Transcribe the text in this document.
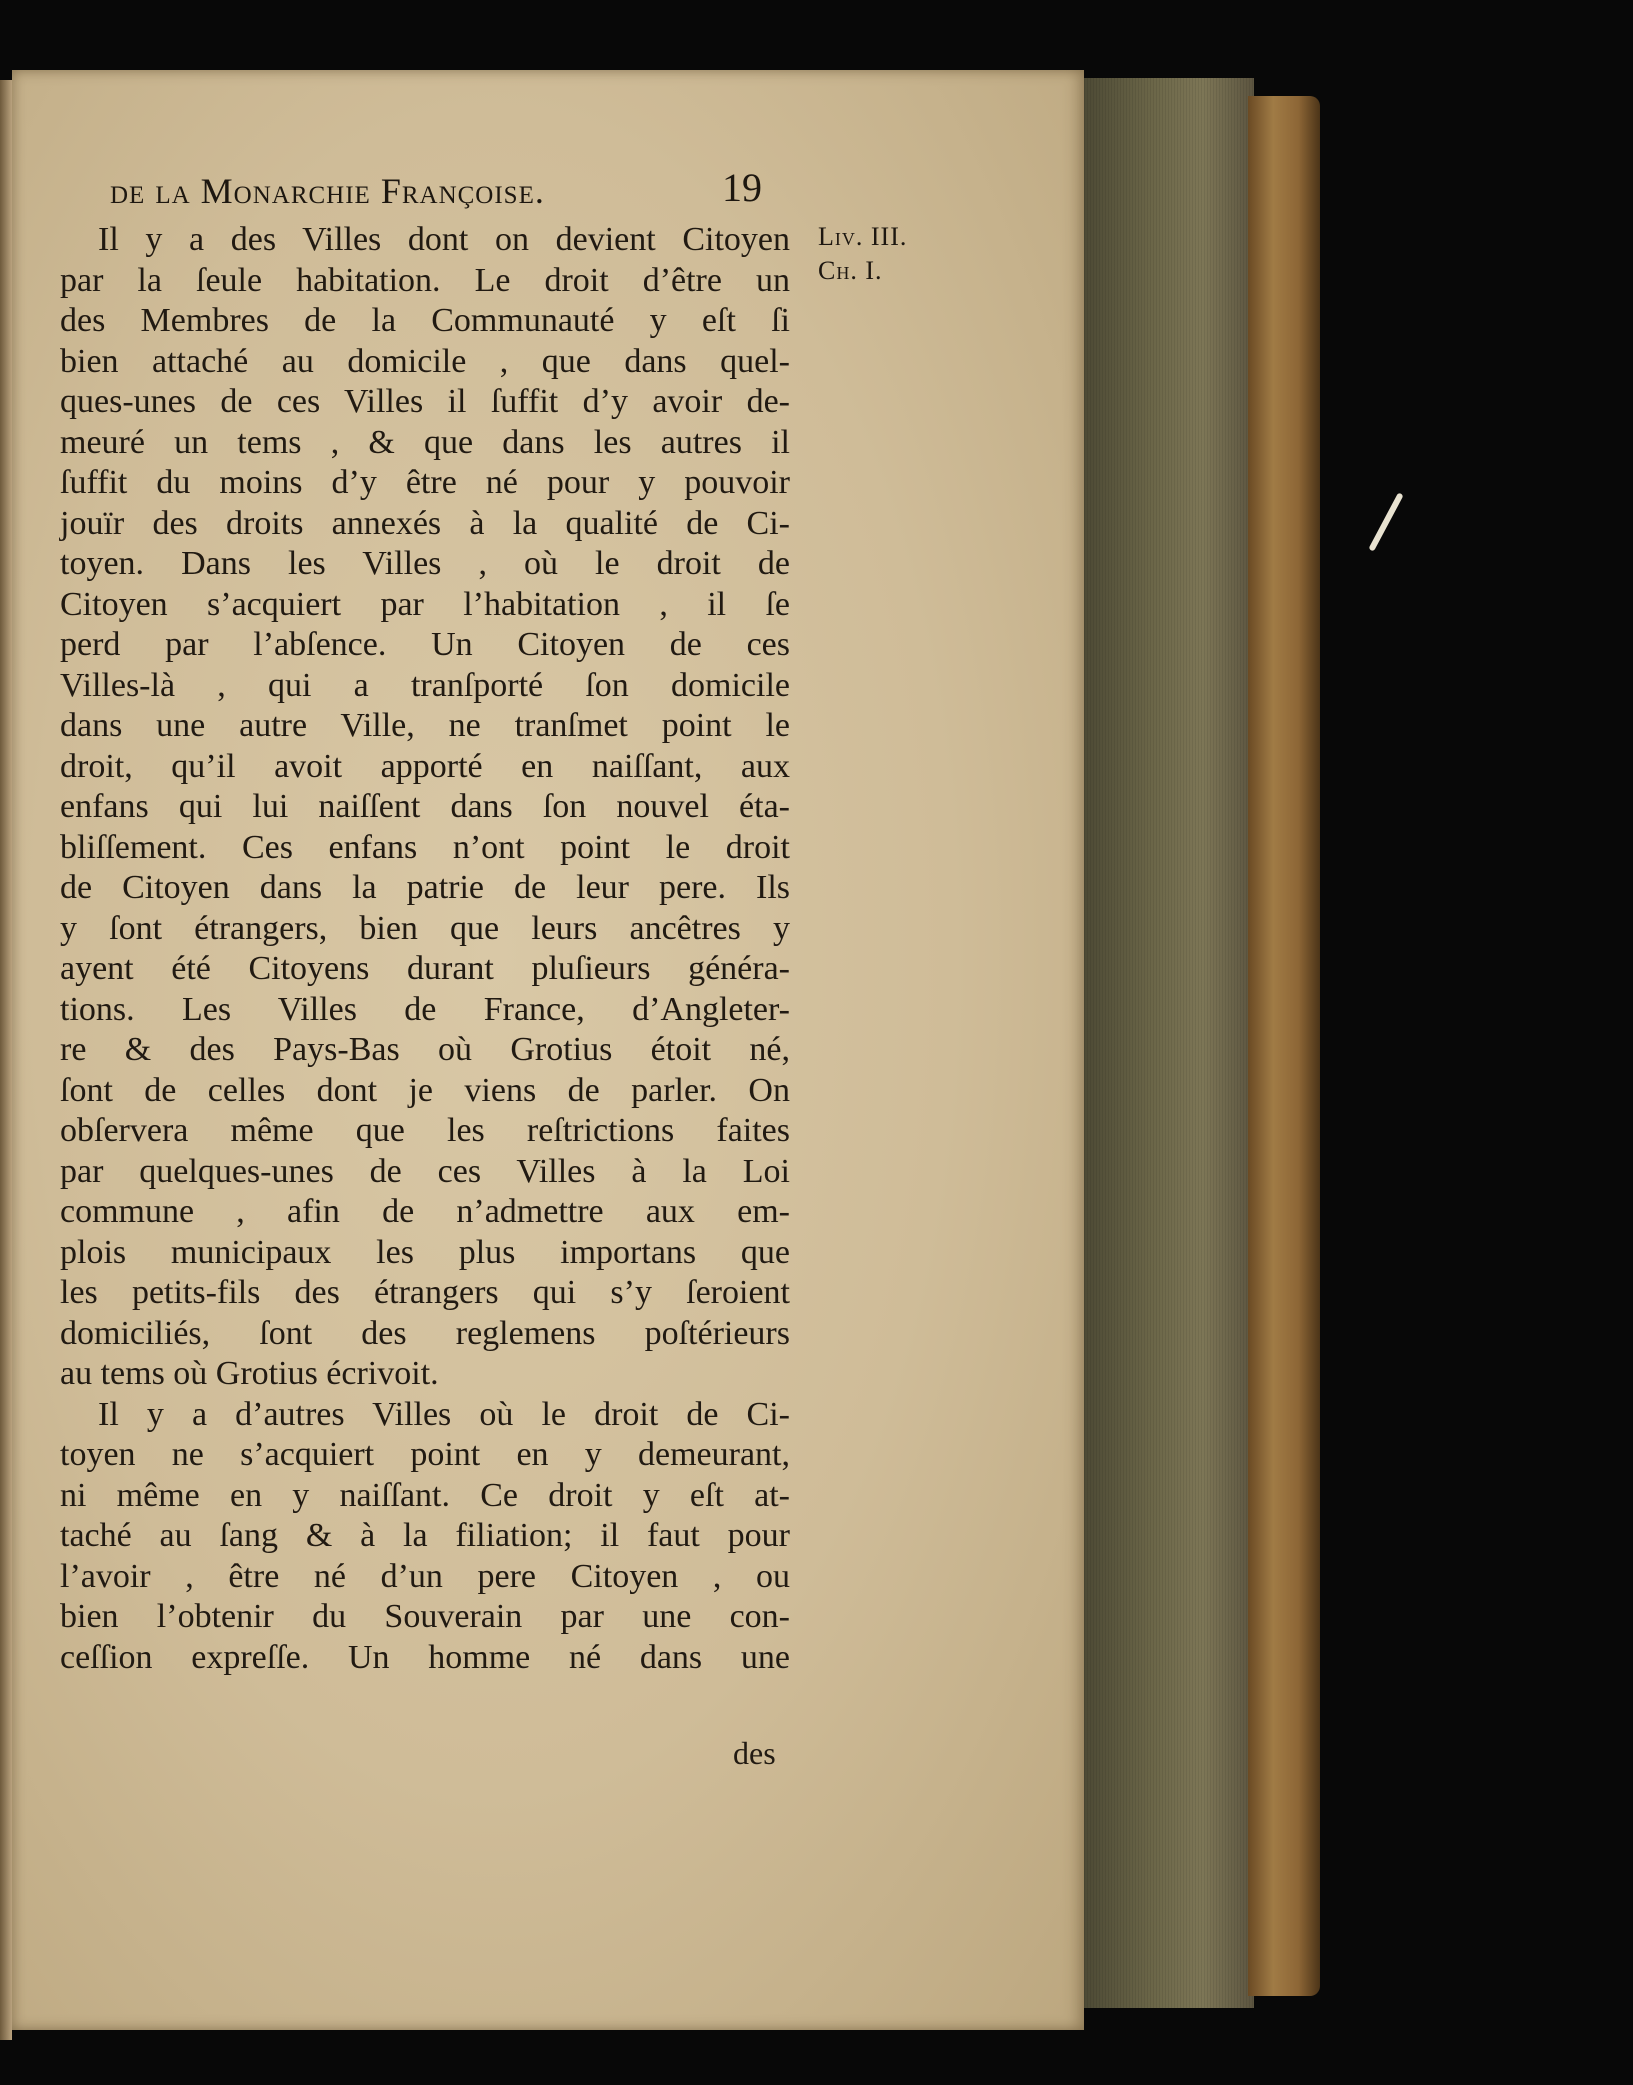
de la Monarchie Françoise.	19
Liv. III.
Ch. I.
Il y a des Villes dont on devient Citoyen
par la ſeule habitation. Le droit d’être un
des Membres de la Communauté y eſt ſi
bien attaché au domicile , que dans quel-
ques-unes de ces Villes il ſuffit d’y avoir de-
meuré un tems , & que dans les autres il
ſuffit du moins d’y être né pour y pouvoir
jouïr des droits annexés à la qualité de Ci-
toyen. Dans les Villes , où le droit de
Citoyen s’acquiert par l’habitation , il ſe
perd par l’abſence. Un Citoyen de ces
Villes-là , qui a tranſporté ſon domicile
dans une autre Ville, ne tranſmet point le
droit, qu’il avoit apporté en naiſſant, aux
enfans qui lui naiſſent dans ſon nouvel éta-
bliſſement. Ces enfans n’ont point le droit
de Citoyen dans la patrie de leur pere. Ils
y ſont étrangers, bien que leurs ancêtres y
ayent été Citoyens durant pluſieurs généra-
tions. Les Villes de France, d’Angleter-
re & des Pays-Bas où Grotius étoit né,
ſont de celles dont je viens de parler. On
obſervera même que les reſtrictions faites
par quelques-unes de ces Villes à la Loi
commune , afin de n’admettre aux em-
plois municipaux les plus importans que
les petits-fils des étrangers qui s’y ſeroient
domiciliés, ſont des reglemens poſtérieurs
au tems où Grotius écrivoit.
Il y a d’autres Villes où le droit de Ci-
toyen ne s’acquiert point en y demeurant,
ni même en y naiſſant. Ce droit y eſt at-
taché au ſang & à la filiation; il faut pour
l’avoir , être né d’un pere Citoyen , ou
bien l’obtenir du Souverain par une con-
ceſſion expreſſe. Un homme né dans une
des
